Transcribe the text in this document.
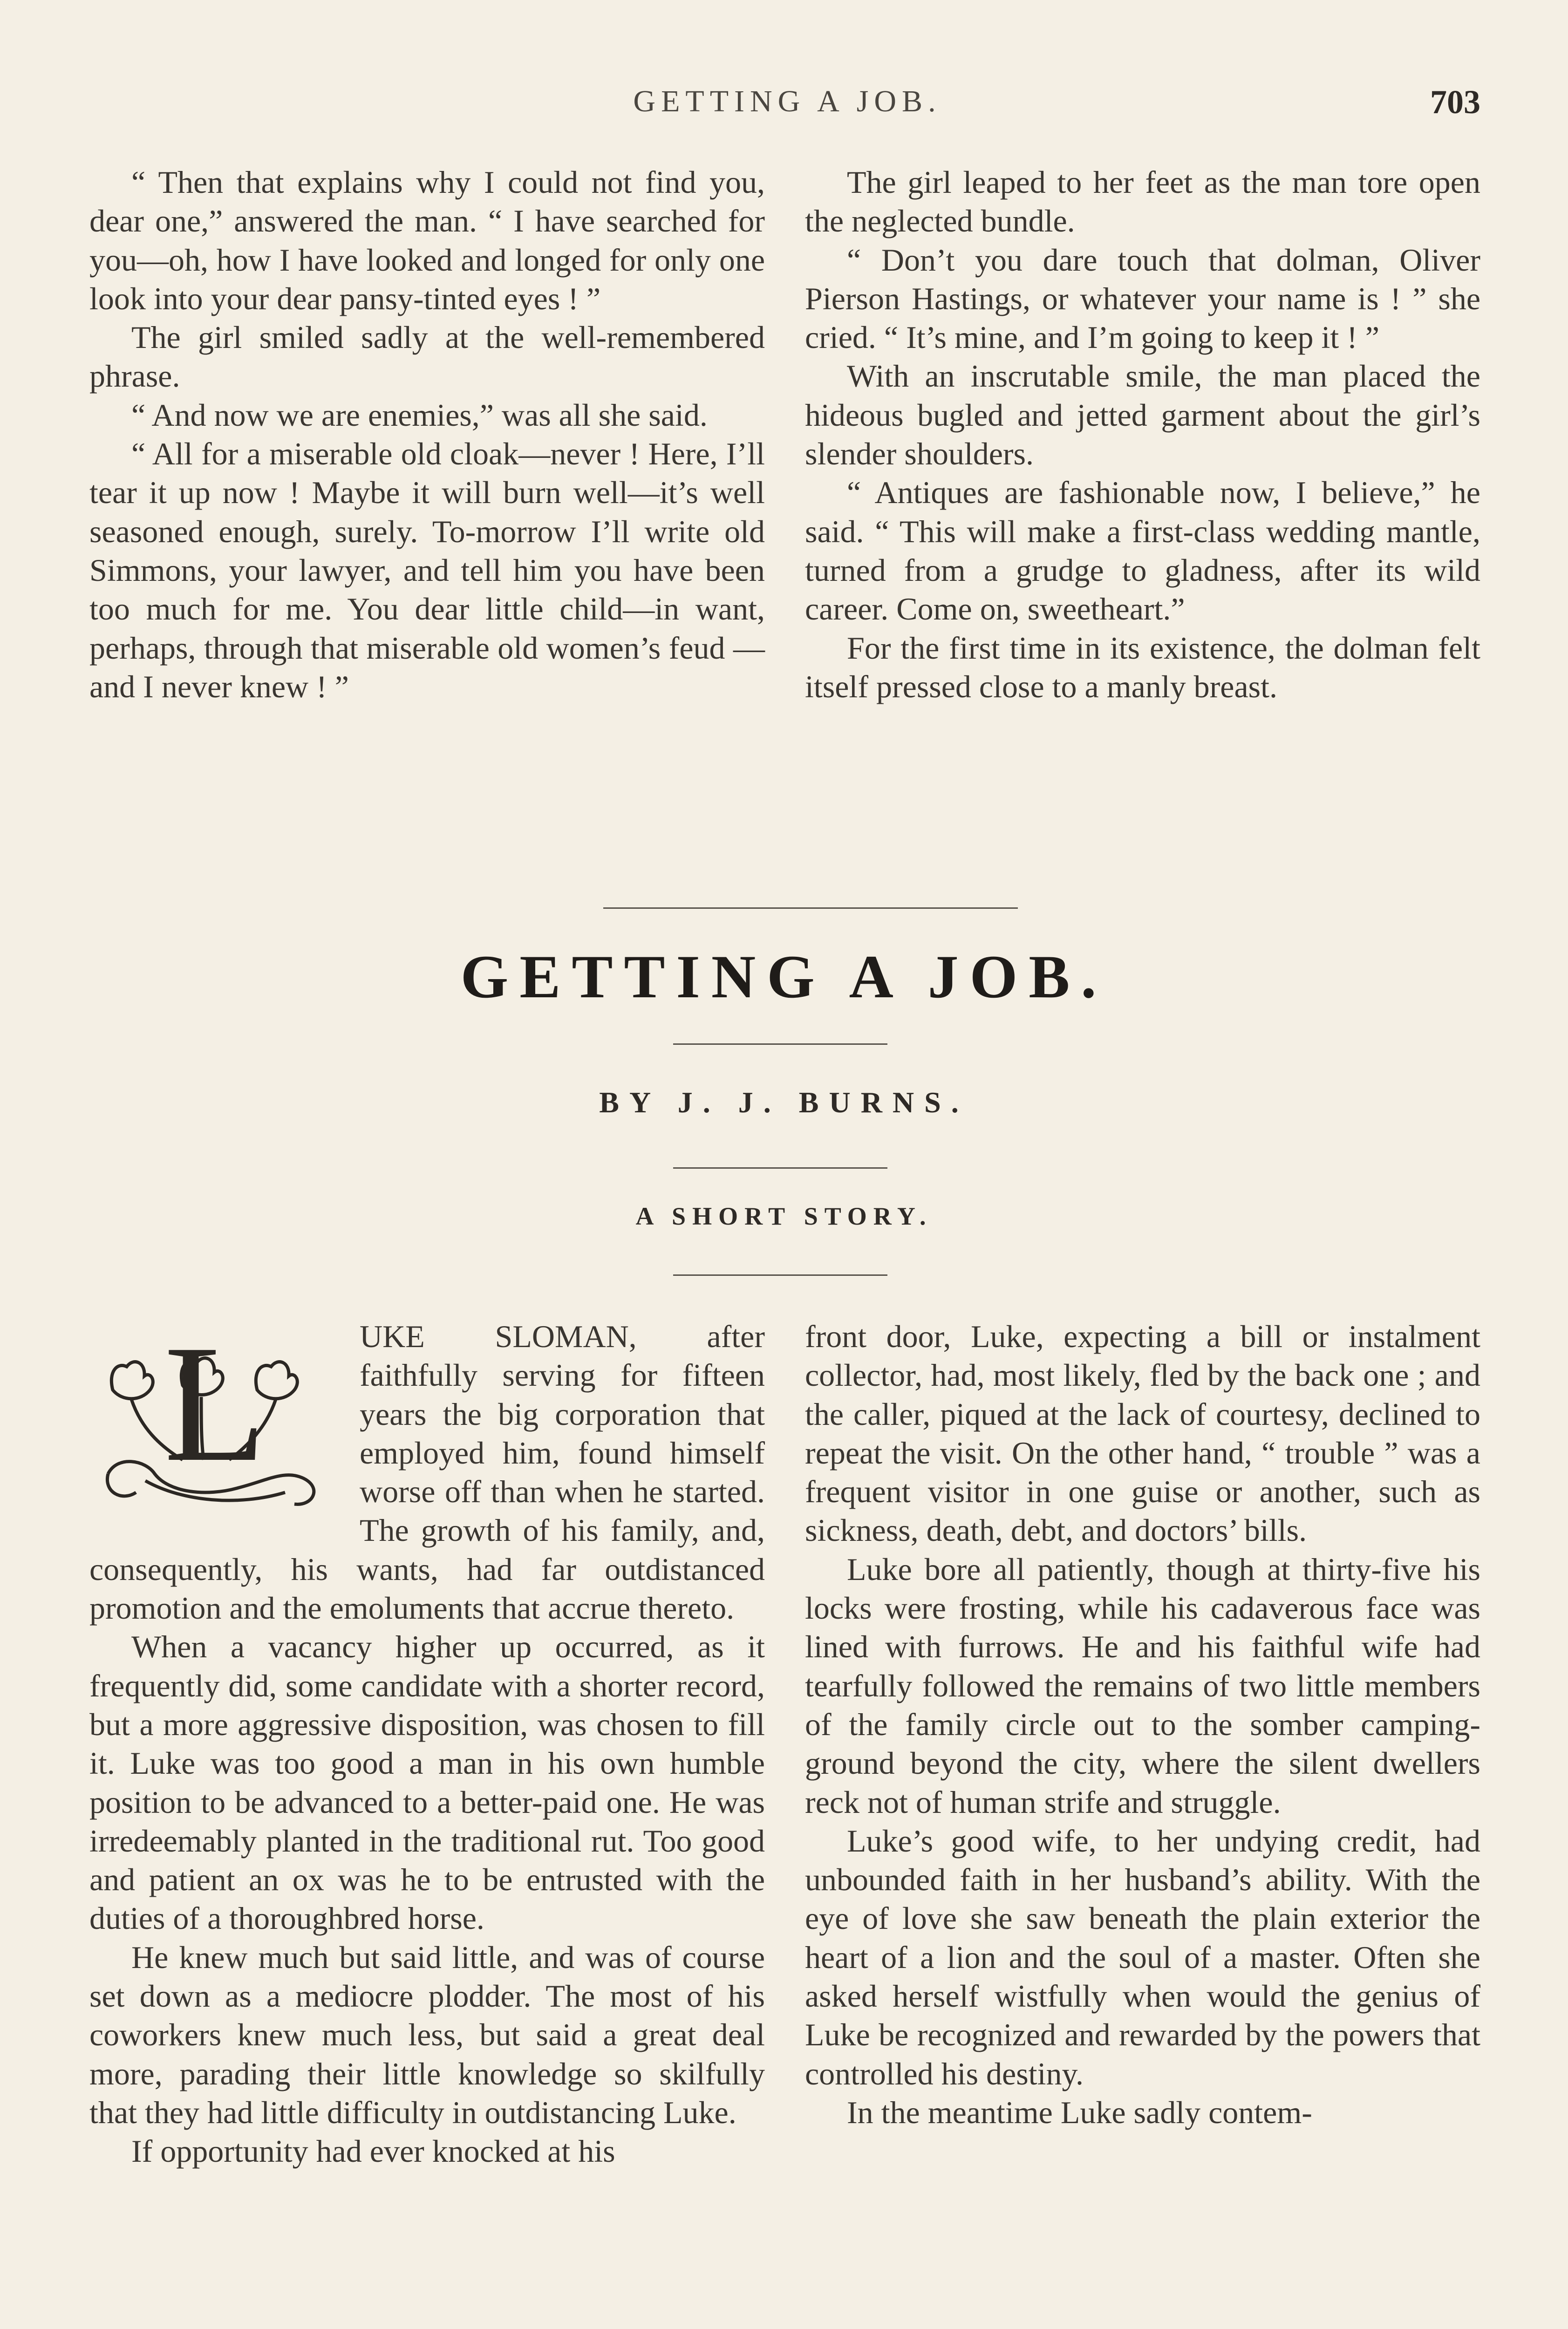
GETTING A JOB.	703

“ Then that explains why I could not find you, dear one,” answered the man. “ I have searched for you—oh, how I have looked and longed for only one look into your dear pansy-tinted eyes ! ”

The girl smiled sadly at the well-remembered phrase.

“ And now we are enemies,” was all she said.

“ All for a miserable old cloak—never ! Here, I’ll tear it up now ! Maybe it will burn well—it’s well seasoned enough, surely. To-morrow I’ll write old Simmons, your lawyer, and tell him you have been too much for me. You dear little child—in want, perhaps, through that miserable old women’s feud —and I never knew ! ”

The girl leaped to her feet as the man tore open the neglected bundle.

“ Don’t you dare touch that dolman, Oliver Pierson Hastings, or whatever your name is ! ” she cried. “ It’s mine, and I’m going to keep it ! ”

With an inscrutable smile, the man placed the hideous bugled and jetted garment about the girl’s slender shoulders.

“ Antiques are fashionable now, I believe,” he said. “ This will make a first-class wedding mantle, turned from a grudge to gladness, after its wild career. Come on, sweetheart.”

For the first time in its existence, the dolman felt itself pressed close to a manly breast.

GETTING A JOB.
BY J. J. BURNS.
A SHORT STORY.
L	UKE SLOMAN, after faithfully serving for fifteen years the big corporation that employed him, found himself worse off than when he started. The growth of his family, and, consequently, his wants, had far outdistanced promotion and the emoluments that accrue thereto.

When a vacancy higher up occurred, as it frequently did, some candidate with a shorter record, but a more aggressive disposition, was chosen to fill it. Luke was too good a man in his own humble position to be advanced to a better-paid one. He was irredeemably planted in the traditional rut. Too good and patient an ox was he to be entrusted with the duties of a thoroughbred horse.

He knew much but said little, and was of course set down as a mediocre plodder. The most of his coworkers knew much less, but said a great deal more, parading their little knowledge so skilfully that they had little difficulty in outdistancing Luke.

If opportunity had ever knocked at his

front door, Luke, expecting a bill or instalment collector, had, most likely, fled by the back one ; and the caller, piqued at the lack of courtesy, declined to repeat the visit. On the other hand, “ trouble ” was a frequent visitor in one guise or another, such as sickness, death, debt, and doctors’ bills.

Luke bore all patiently, though at thirty-five his locks were frosting, while his cadaverous face was lined with furrows. He and his faithful wife had tearfully followed the remains of two little members of the family circle out to the somber camping-ground beyond the city, where the silent dwellers reck not of human strife and struggle.

Luke’s good wife, to her undying credit, had unbounded faith in her husband’s ability. With the eye of love she saw beneath the plain exterior the heart of a lion and the soul of a master. Often she asked herself wistfully when would the genius of Luke be recognized and rewarded by the powers that controlled his destiny.

In the meantime Luke sadly contem-
